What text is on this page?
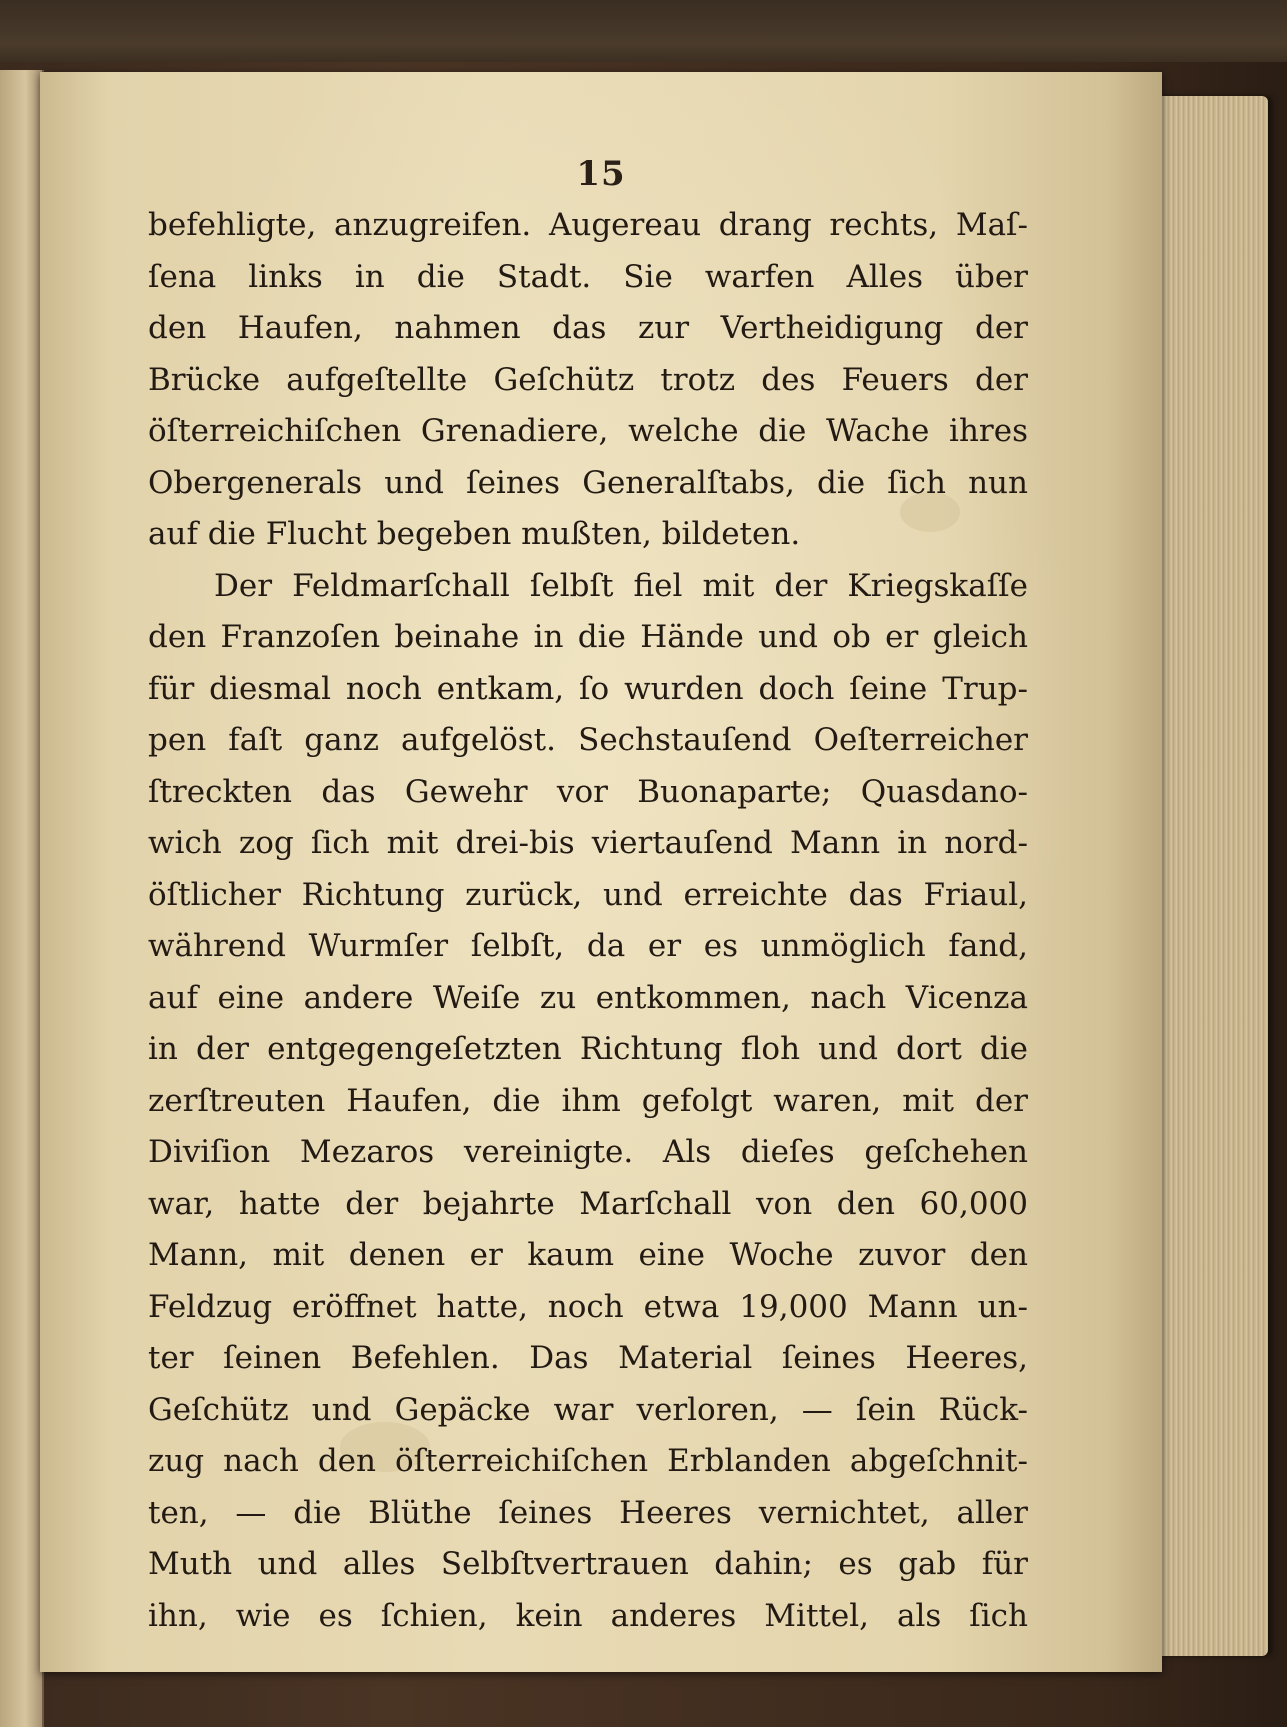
15
befehligte, anzugreifen. Augereau drang rechts, Maſ-
ſena links in die Stadt. Sie warfen Alles über
den Haufen, nahmen das zur Vertheidigung der
Brücke aufgeſtellte Geſchütz trotz des Feuers der
öſterreichiſchen Grenadiere, welche die Wache ihres
Obergenerals und ſeines Generalſtabs, die ſich nun
auf die Flucht begeben mußten, bildeten.
Der Feldmarſchall ſelbſt fiel mit der Kriegskaſſe
den Franzoſen beinahe in die Hände und ob er gleich
für diesmal noch entkam, ſo wurden doch ſeine Trup-
pen faſt ganz aufgelöst. Sechstauſend Oeſterreicher
ſtreckten das Gewehr vor Buonaparte; Quasdano-
wich zog ſich mit drei-bis viertauſend Mann in nord-
öſtlicher Richtung zurück, und erreichte das Friaul,
während Wurmſer ſelbſt, da er es unmöglich fand,
auf eine andere Weiſe zu entkommen, nach Vicenza
in der entgegengeſetzten Richtung floh und dort die
zerſtreuten Haufen, die ihm gefolgt waren, mit der
Diviſion Mezaros vereinigte. Als dieſes geſchehen
war, hatte der bejahrte Marſchall von den 60,000
Mann, mit denen er kaum eine Woche zuvor den
Feldzug eröffnet hatte, noch etwa 19,000 Mann un-
ter ſeinen Befehlen. Das Material ſeines Heeres,
Geſchütz und Gepäcke war verloren, — ſein Rück-
zug nach den öſterreichiſchen Erblanden abgeſchnit-
ten, — die Blüthe ſeines Heeres vernichtet, aller
Muth und alles Selbſtvertrauen dahin; es gab für
ihn, wie es ſchien, kein anderes Mittel, als ſich
